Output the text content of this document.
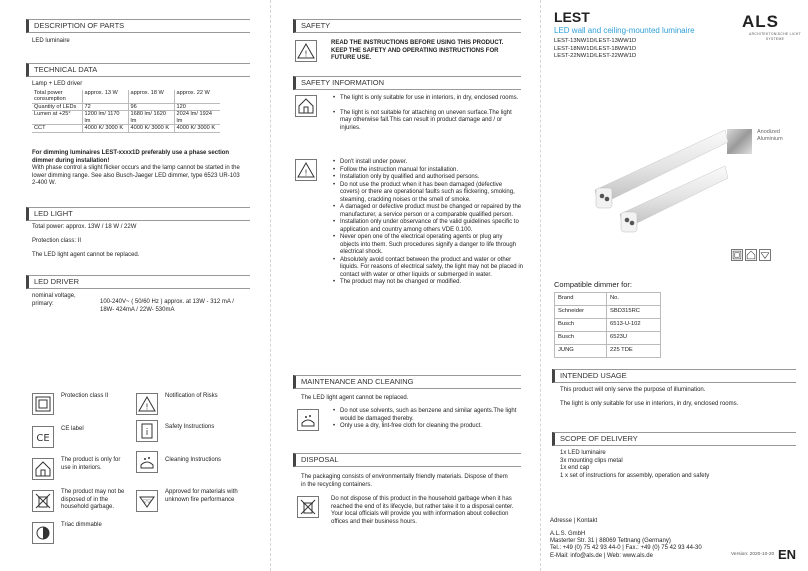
DESCRIPTION OF PARTS
LED luminaire
TECHNICAL DATA
Lamp + LED driver
Total power consumption	approx. 13 W	approx. 18 W	approx. 22 W
Quantity of LEDs	72	96	120
Lumen at +25°	1200 lm/ 1170 lm	1680 lm/ 1620 lm	2024 lm/ 1924 lm
CCT	4000 K/ 3000 K	4000 K/ 3000 K	4000 K/ 3000 K
For dimming luminaires LEST-xxxx1D preferably use a phase section dimmer during installation!
With phase control a slight flicker occurs and the lamp cannot be started in the lower dimming range. See also Busch-Jaeger LED dimmer, type 6523 UR-103 2-400 W.
LED LIGHT
Total power: approx. 13W / 18 W / 22W
Protection class: II
The LED light agent cannot be replaced.
LED DRIVER
nominal voltage, primary:	100-240V~ ( 50/60 Hz ) approx. at 13W - 312 mA / 18W- 424mA / 22W- 530mA
Protection class II
!
Notification of Risks
CE
CE label	i
Safety Instructions
The product is only for use in interiors.
Cleaning Instructions
The product may not be disposed of in the household garbage.
▽▽
Approved for materials with unknown fire performance
Triac dimmable
SAFETY
!
READ THE INSTRUCTIONS BEFORE USING THIS PRODUCT. KEEP THE SAFETY AND OPERATING INSTRUCTIONS FOR FUTURE USE.
SAFETY INFORMATION
• The light is only suitable for use in interiors, in dry, enclosed rooms.
• The light is not suitable for attaching on uneven surface.The light may otherwise fall.This can result in product damage and / or injuries.
!
• Don't install under power.
• Follow the instruction manual for installation.
• Installation only by qualified and authorised persons.
• Do not use the product when it has been damaged (defective covers) or there are operational faults such as flickering, smoking, steaming, crackling noises or the smell of smoke.
• A damaged or defective product must be changed or repaired by the manufacturer, a service person or a comparable qualified person.
• Installation only under observance of the valid guidelines specific to application and country among others VDE 0.100.
• Never open one of the electrical operating agents or plug any objects into them. Such procedures signify a danger to life through electrical shock.
• Absolutely avoid contact between the product and water or other liquids. For reasons of electrical safety, the light may not be placed in contact with water or other liquids or submerged in water.
• The product may not be changed or modified.
MAINTENANCE AND CLEANING
The LED light agent cannot be replaced.
• Do not use solvents, such as benzene and similar agents.The light would be damaged thereby.
• Only use a dry, lint-free cloth for cleaning the product.
DISPOSAL
The packaging consists of environmentally friendly materials. Dispose of them in the recycling containers.
Do not dispose of this product in the household garbage when it has reached the end of its lifecycle, but rather take it to a disposal center. Your local officials will provide you with information about collection offices and their business hours.
LEST
LED wall and ceiling-mounted luminaire
LEST-13NW1D/LEST-13WW1D
LEST-18NW1D/LEST-18WW1D
LEST-22NW1D/LEST-22WW1D
ALS
ARCHITEKTONISCHE LICHT SYSTEME
Anodized Aluminium
Compatible dimmer for:
Brand	No.
Schneider	SBD315RC
Busch	6513-U-102
Busch	6523U
JUNG	225 TDE
INTENDED USAGE
This product will only serve the purpose of illumination.
The light is only suitable for use in interiors, in dry, enclosed rooms.
SCOPE OF DELIVERY
1x LED luminaire
3x mounting clips metal
1x end cap
1 x set of instructions for assembly, operation and safety
Adresse | Kontakt
A.L.S. GmbH
Masterter Str. 31 | 88069 Tettnang (Germany)
Tel.: +49 (0) 75 42 93 44-0 | Fax.: +49 (0) 75 42 93 44-30
E-Mail: info@als.de | Web: www.als.de	Version: 2020-10-20 EN
